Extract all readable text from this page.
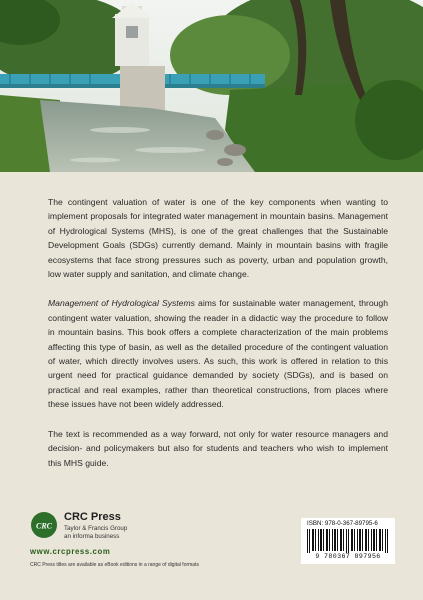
The contingent valuation of water is one of the key components when wanting to implement proposals for integrated water management in mountain basins. Management of Hydrological Systems (MHS), is one of the great challenges that the Sustainable Development Goals (SDGs) currently demand. Mainly in mountain basins with fragile ecosystems that face strong pressures such as poverty, urban and population growth, low water supply and sanitation, and climate change.

Management of Hydrological Systems aims for sustainable water management, through contingent water valuation, showing the reader in a didactic way the procedure to follow in mountain basins. This book offers a complete characterization of the main problems affecting this type of basin, as well as the detailed procedure of the contingent valuation of water, which directly involves users. As such, this work is offered in relation to this urgent need for practical guidance demanded by society (SDGs), and is based on practical and real examples, rather than theoretical constructions, from places where these issues have not been widely addressed.

The text is recommended as a way forward, not only for water resource managers and decision- and policymakers but also for students and teachers who wish to implement this MHS guide.

CRC
CRC Press
Taylor & Francis Group
an informa business
www.crcpress.com
CRC Press titles are available as eBook editions in a range of digital formats
ISBN: 978-0-367-89795-6
9 780367 897956
